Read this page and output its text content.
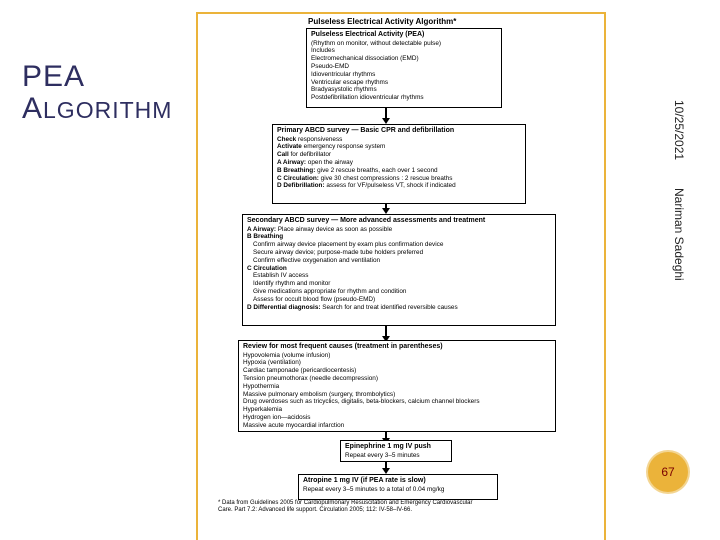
PEA
ALGORITHM
Pulseless Electrical Activity Algorithm*
Pulseless Electrical Activity (PEA)
(Rhythm on monitor, without detectable pulse)
Includes
Electromechanical dissociation (EMD)
Pseudo-EMD
Idioventricular rhythms
Ventricular escape rhythms
Bradyasystolic rhythms
Postdefibrillation idioventricular rhythms
Primary ABCD survey — Basic CPR and defibrillation
Check responsiveness
Activate emergency response system
Call for defibrillator
A Airway: open the airway
B Breathing: give 2 rescue breaths, each over 1 second
C Circulation: give 30 chest compressions : 2 rescue breaths
D Defibrillation: assess for VF/pulseless VT, shock if indicated
Secondary ABCD survey — More advanced assessments and treatment
A Airway: Place airway device as soon as possible
B Breathing
Confirm airway device placement by exam plus confirmation device
Secure airway device; purpose-made tube holders preferred
Confirm effective oxygenation and ventilation
C Circulation
Establish IV access
Identify rhythm and monitor
Give medications appropriate for rhythm and condition
Assess for occult blood flow (pseudo-EMD)
D Differential diagnosis: Search for and treat identified reversible causes
Review for most frequent causes (treatment in parentheses)
Hypovolemia (volume infusion)
Hypoxia (ventilation)
Cardiac tamponade (pericardiocentesis)
Tension pneumothorax (needle decompression)
Hypothermia
Massive pulmonary embolism (surgery, thrombolytics)
Drug overdoses such as tricyclics, digitalis, beta-blockers, calcium channel blockers
Hyperkalemia
Hydrogen ion—acidosis
Massive acute myocardial infarction
Epinephrine 1 mg IV push
Repeat every 3–5 minutes
Atropine 1 mg IV (if PEA rate is slow)
Repeat every 3–5 minutes to a total of 0.04 mg/kg
* Data from Guidelines 2005 for Cardiopulmonary Resuscitation and Emergency Cardiovascular
Care. Part 7.2: Advanced life support. Circulation 2005; 112: IV-58–IV-66.
10/25/2021
Nariman Sadeghi
67
